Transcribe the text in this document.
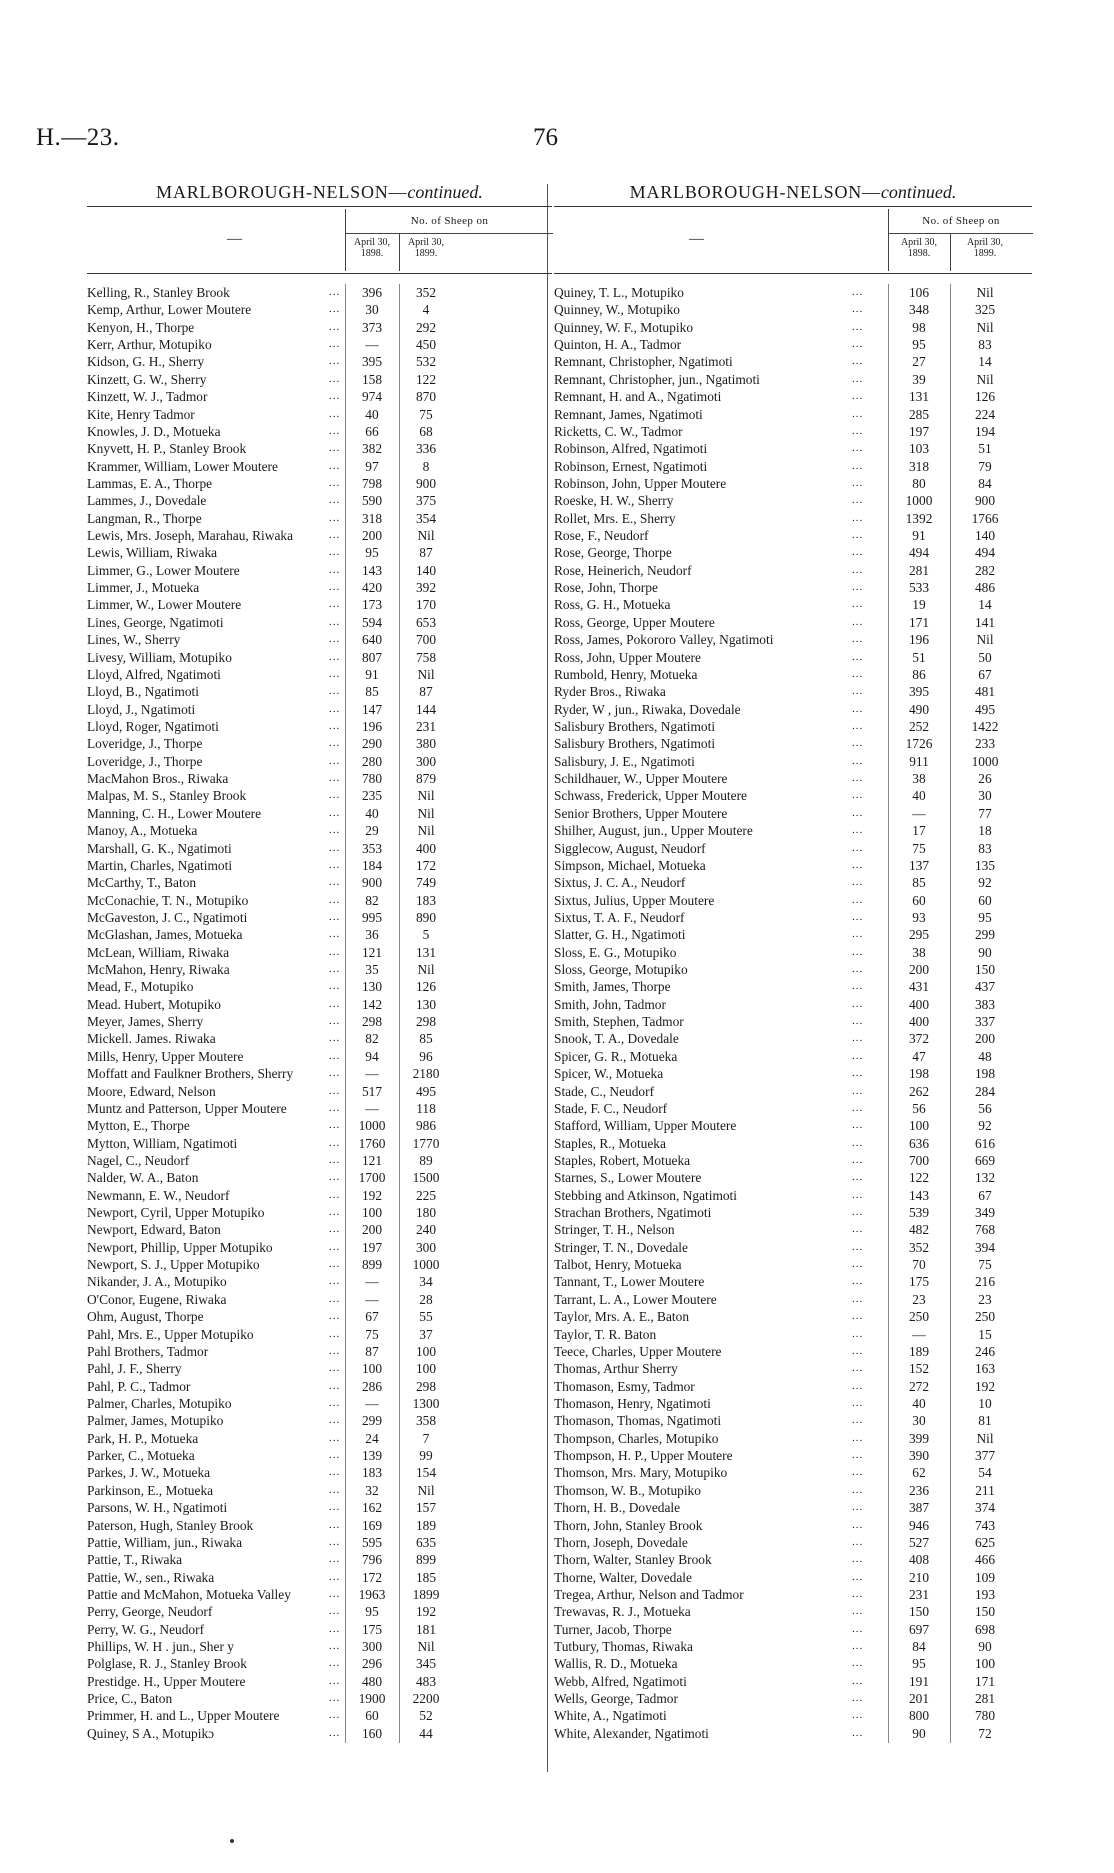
H.—23.	76
MARLBOROUGH-NELSON—continued.
—
No. of Sheep on
April 30,
1898.
April 30,
1899.
Kelling, R., Stanley Brook	...	396	352
Kemp, Arthur, Lower Moutere	...	30	4
Kenyon, H., Thorpe	...	373	292
Kerr, Arthur, Motupiko	...	—	450
Kidson, G. H., Sherry	...	395	532
Kinzett, G. W., Sherry	...	158	122
Kinzett, W. J., Tadmor	...	974	870
Kite, Henry Tadmor	...	40	75
Knowles, J. D., Motueka	...	66	68
Knyvett, H. P., Stanley Brook	...	382	336
Krammer, William, Lower Moutere	...	97	8
Lammas, E. A., Thorpe	...	798	900
Lammes, J., Dovedale	...	590	375
Langman, R., Thorpe	...	318	354
Lewis, Mrs. Joseph, Marahau, Riwaka	...	200	Nil
Lewis, William, Riwaka	...	95	87
Limmer, G., Lower Moutere	...	143	140
Limmer, J., Motueka	...	420	392
Limmer, W., Lower Moutere	...	173	170
Lines, George, Ngatimoti	...	594	653
Lines, W., Sherry	...	640	700
Livesy, William, Motupiko	...	807	758
Lloyd, Alfred, Ngatimoti	...	91	Nil
Lloyd, B., Ngatimoti	...	85	87
Lloyd, J., Ngatimoti	...	147	144
Lloyd, Roger, Ngatimoti	...	196	231
Loveridge, J., Thorpe	...	290	380
Loveridge, J., Thorpe	...	280	300
MacMahon Bros., Riwaka	...	780	879
Malpas, M. S., Stanley Brook	...	235	Nil
Manning, C. H., Lower Moutere	...	40	Nil
Manoy, A., Motueka	...	29	Nil
Marshall, G. K., Ngatimoti	...	353	400
Martin, Charles, Ngatimoti	...	184	172
McCarthy, T., Baton	...	900	749
McConachie, T. N., Motupiko	...	82	183
McGaveston, J. C., Ngatimoti	...	995	890
McGlashan, James, Motueka	...	36	5
McLean, William, Riwaka	...	121	131
McMahon, Henry, Riwaka	...	35	Nil
Mead, F., Motupiko	...	130	126
Mead. Hubert, Motupiko	...	142	130
Meyer, James, Sherry	...	298	298
Mickell. James. Riwaka	...	82	85
Mills, Henry, Upper Moutere	...	94	96
Moffatt and Faulkner Brothers, Sherry	...	—	2180
Moore, Edward, Nelson	...	517	495
Muntz and Patterson, Upper Moutere	...	—	118
Mytton, E., Thorpe	...	1000	986
Mytton, William, Ngatimoti	...	1760	1770
Nagel, C., Neudorf	...	121	89
Nalder, W. A., Baton	...	1700	1500
Newmann, E. W., Neudorf	...	192	225
Newport, Cyril, Upper Motupiko	...	100	180
Newport, Edward, Baton	...	200	240
Newport, Phillip, Upper Motupiko	...	197	300
Newport, S. J., Upper Motupiko	...	899	1000
Nikander, J. A., Motupiko	...	—	34
O'Conor, Eugene, Riwaka	...	—	28
Ohm, August, Thorpe	...	67	55
Pahl, Mrs. E., Upper Motupiko	...	75	37
Pahl Brothers, Tadmor	...	87	100
Pahl, J. F., Sherry	...	100	100
Pahl, P. C., Tadmor	...	286	298
Palmer, Charles, Motupiko	...	—	1300
Palmer, James, Motupiko	...	299	358
Park, H. P., Motueka	...	24	7
Parker, C., Motueka	...	139	99
Parkes, J. W., Motueka	...	183	154
Parkinson, E., Motueka	...	32	Nil
Parsons, W. H., Ngatimoti	...	162	157
Paterson, Hugh, Stanley Brook	...	169	189
Pattie, William, jun., Riwaka	...	595	635
Pattie, T., Riwaka	...	796	899
Pattie, W., sen., Riwaka	...	172	185
Pattie and McMahon, Motueka Valley	...	1963	1899
Perry, George, Neudorf	...	95	192
Perry, W. G., Neudorf	...	175	181
Phillips, W. H . jun., Sher y	...	300	Nil
Polglase, R. J., Stanley Brook	...	296	345
Prestidge. H., Upper Moutere	...	480	483
Price, C., Baton	...	1900	2200
Primmer, H. and L., Upper Moutere	...	60	52
Quiney, S A., Motupikɔ	...	160	44
MARLBOROUGH-NELSON—continued.
—
No. of Sheep on
April 30,
1898.
April 30,
1899.
Quiney, T. L., Motupiko	...	106	Nil
Quinney, W., Motupiko	...	348	325
Quinney, W. F., Motupiko	...	98	Nil
Quinton, H. A., Tadmor	...	95	83
Remnant, Christopher, Ngatimoti	...	27	14
Remnant, Christopher, jun., Ngatimoti	...	39	Nil
Remnant, H. and A., Ngatimoti	...	131	126
Remnant, James, Ngatimoti	...	285	224
Ricketts, C. W., Tadmor	...	197	194
Robinson, Alfred, Ngatimoti	...	103	51
Robinson, Ernest, Ngatimoti	...	318	79
Robinson, John, Upper Moutere	...	80	84
Roeske, H. W., Sherry	...	1000	900
Rollet, Mrs. E., Sherry	...	1392	1766
Rose, F., Neudorf	...	91	140
Rose, George, Thorpe	...	494	494
Rose, Heinerich, Neudorf	...	281	282
Rose, John, Thorpe	...	533	486
Ross, G. H., Motueka	...	19	14
Ross, George, Upper Moutere	...	171	141
Ross, James, Pokororo Valley, Ngatimoti	...	196	Nil
Ross, John, Upper Moutere	...	51	50
Rumbold, Henry, Motueka	...	86	67
Ryder Bros., Riwaka	...	395	481
Ryder, W , jun., Riwaka, Dovedale	...	490	495
Salisbury Brothers, Ngatimoti	...	252	1422
Salisbury Brothers, Ngatimoti	...	1726	233
Salisbury, J. E., Ngatimoti	...	911	1000
Schildhauer, W., Upper Moutere	...	38	26
Schwass, Frederick, Upper Moutere	...	40	30
Senior Brothers, Upper Moutere	...	—	77
Shilher, August, jun., Upper Moutere	...	17	18
Sigglecow, August, Neudorf	...	75	83
Simpson, Michael, Motueka	...	137	135
Sixtus, J. C. A., Neudorf	...	85	92
Sixtus, Julius, Upper Moutere	...	60	60
Sixtus, T. A. F., Neudorf	...	93	95
Slatter, G. H., Ngatimoti	...	295	299
Sloss, E. G., Motupiko	...	38	90
Sloss, George, Motupiko	...	200	150
Smith, James, Thorpe	...	431	437
Smith, John, Tadmor	...	400	383
Smith, Stephen, Tadmor	...	400	337
Snook, T. A., Dovedale	...	372	200
Spicer, G. R., Motueka	...	47	48
Spicer, W., Motueka	...	198	198
Stade, C., Neudorf	...	262	284
Stade, F. C., Neudorf	...	56	56
Stafford, William, Upper Moutere	...	100	92
Staples, R., Motueka	...	636	616
Staples, Robert, Motueka	...	700	669
Starnes, S., Lower Moutere	...	122	132
Stebbing and Atkinson, Ngatimoti	...	143	67
Strachan Brothers, Ngatimoti	...	539	349
Stringer, T. H., Nelson	...	482	768
Stringer, T. N., Dovedale	...	352	394
Talbot, Henry, Motueka	...	70	75
Tannant, T., Lower Moutere	...	175	216
Tarrant, L. A., Lower Moutere	...	23	23
Taylor, Mrs. A. E., Baton	...	250	250
Taylor, T. R. Baton	...	—	15
Teece, Charles, Upper Moutere	...	189	246
Thomas, Arthur Sherry	...	152	163
Thomason, Esmy, Tadmor	...	272	192
Thomason, Henry, Ngatimoti	...	40	10
Thomason, Thomas, Ngatimoti	...	30	81
Thompson, Charles, Motupiko	...	399	Nil
Thompson, H. P., Upper Moutere	...	390	377
Thomson, Mrs. Mary, Motupiko	...	62	54
Thomson, W. B., Motupiko	...	236	211
Thorn, H. B., Dovedale	...	387	374
Thorn, John, Stanley Brook	...	946	743
Thorn, Joseph, Dovedale	...	527	625
Thorn, Walter, Stanley Brook	...	408	466
Thorne, Walter, Dovedale	...	210	109
Tregea, Arthur, Nelson and Tadmor	...	231	193
Trewavas, R. J., Motueka	...	150	150
Turner, Jacob, Thorpe	...	697	698
Tutbury, Thomas, Riwaka	...	84	90
Wallis, R. D., Motueka	...	95	100
Webb, Alfred, Ngatimoti	...	191	171
Wells, George, Tadmor	...	201	281
White, A., Ngatimoti	...	800	780
White, Alexander, Ngatimoti	...	90	72
